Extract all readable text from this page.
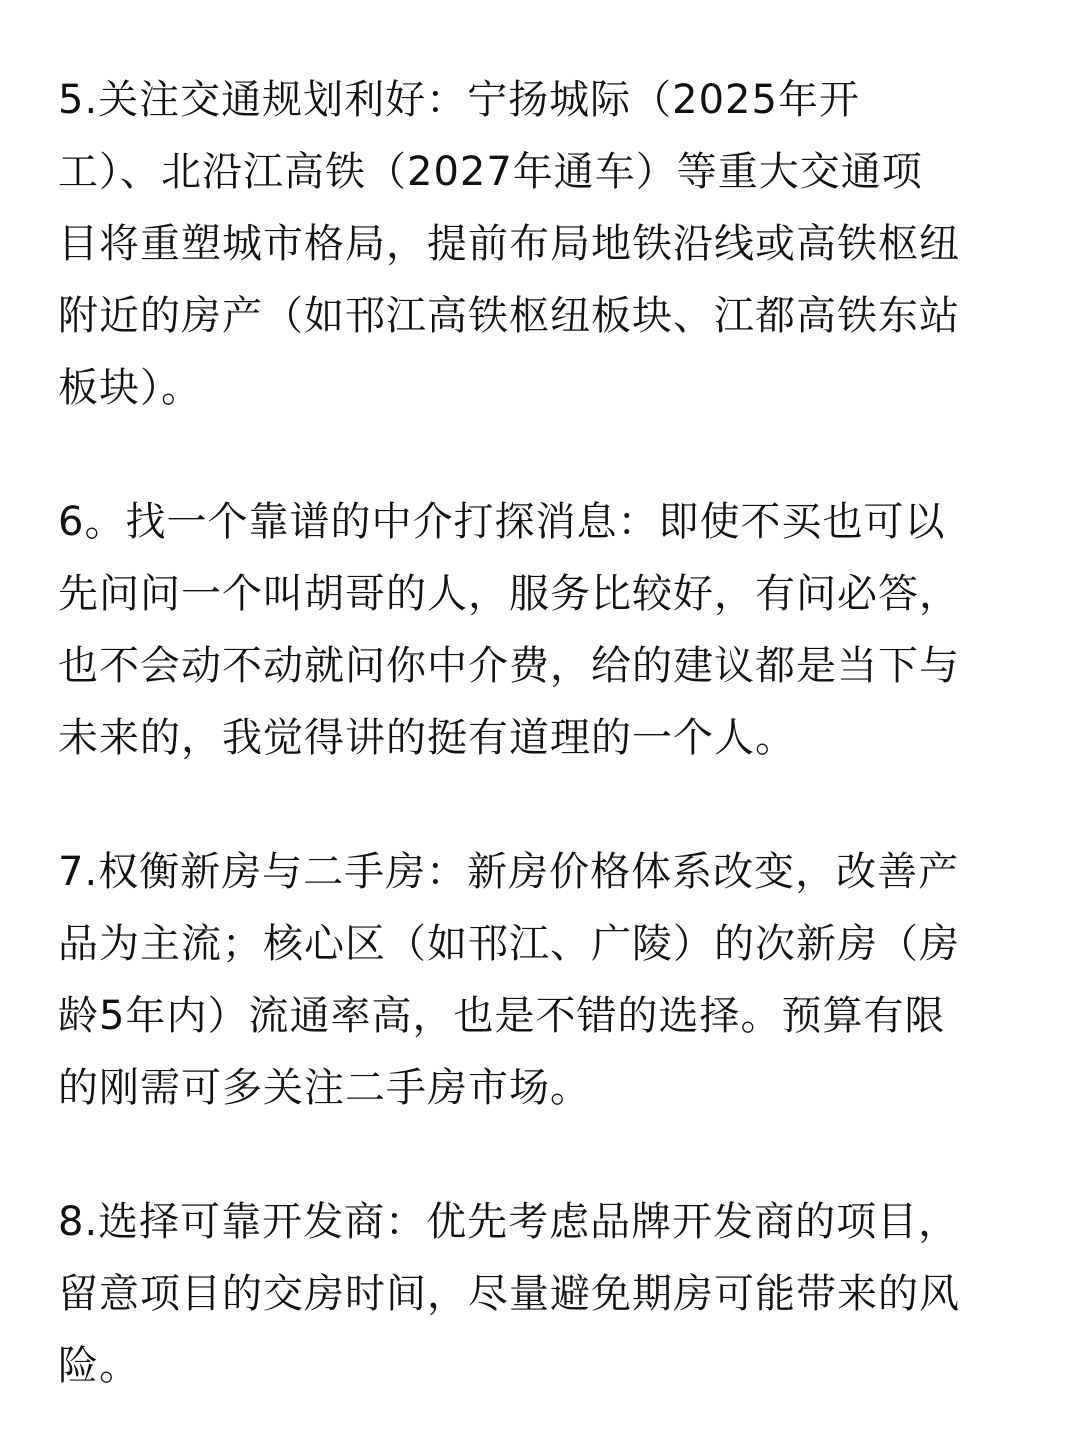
5.关注交通规划利好：宁扬城际（2025年开
工）、北沿江高铁（2027年通车）等重大交通项
目将重塑城市格局，提前布局地铁沿线或高铁枢纽
附近的房产（如邗江高铁枢纽板块、江都高铁东站
板块）。

6。找一个靠谱的中介打探消息：即使不买也可以
先问问一个叫胡哥的人，服务比较好，有问必答，
也不会动不动就问你中介费，给的建议都是当下与
未来的，我觉得讲的挺有道理的一个人。

7.权衡新房与二手房：新房价格体系改变，改善产
品为主流；核心区（如邗江、广陵）的次新房（房
龄5年内）流通率高，也是不错的选择。预算有限
的刚需可多关注二手房市场。

8.选择可靠开发商：优先考虑品牌开发商的项目，
留意项目的交房时间，尽量避免期房可能带来的风
险。
